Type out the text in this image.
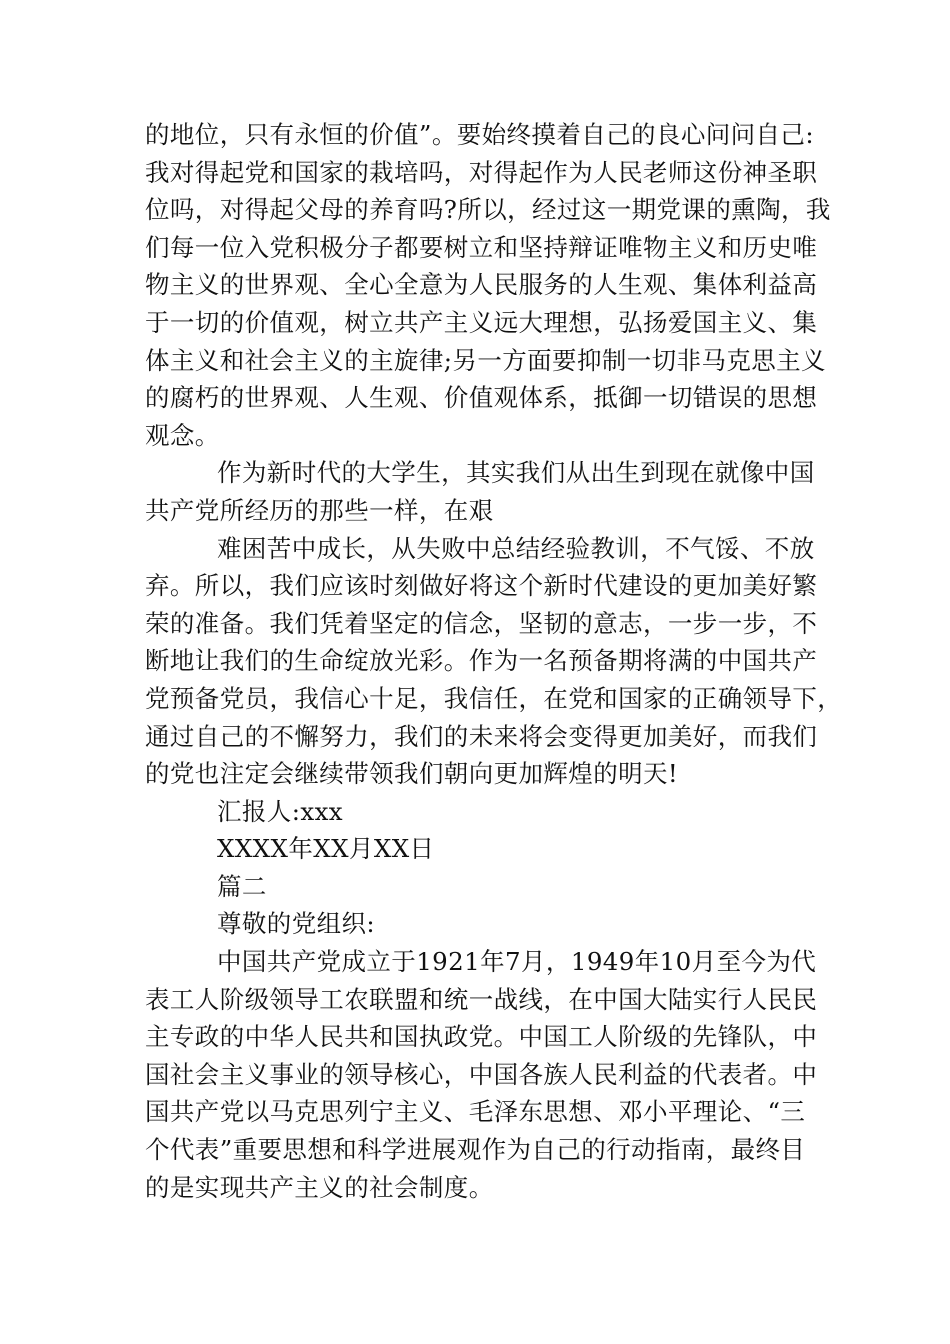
的地位，只有永恒的价值”。要始终摸着自己的良心问问自己:
我对得起党和国家的栽培吗，对得起作为人民老师这份神圣职
位吗，对得起父母的养育吗?所以，经过这一期党课的熏陶，我
们每一位入党积极分子都要树立和坚持辩证唯物主义和历史唯
物主义的世界观、全心全意为人民服务的人生观、集体利益高
于一切的价值观，树立共产主义远大理想，弘扬爱国主义、集
体主义和社会主义的主旋律;另一方面要抑制一切非马克思主义
的腐朽的世界观、人生观、价值观体系，抵御一切错误的思想
观念。

作为新时代的大学生，其实我们从出生到现在就像中国
共产党所经历的那些一样，在艰

难困苦中成长，从失败中总结经验教训，不气馁、不放
弃。所以，我们应该时刻做好将这个新时代建设的更加美好繁
荣的准备。我们凭着坚定的信念，坚韧的意志，一步一步，不
断地让我们的生命绽放光彩。作为一名预备期将满的中国共产
党预备党员，我信心十足，我信任，在党和国家的正确领导下，
通过自己的不懈努力，我们的未来将会变得更加美好，而我们
的党也注定会继续带领我们朝向更加辉煌的明天!

汇报人:xxx

XXXX年XX月XX日

篇二

尊敬的党组织:

中国共产党成立于1921年7月，1949年10月至今为代
表工人阶级领导工农联盟和统一战线，在中国大陆实行人民民
主专政的中华人民共和国执政党。中国工人阶级的先锋队，中
国社会主义事业的领导核心，中国各族人民利益的代表者。中
国共产党以马克思列宁主义、毛泽东思想、邓小平理论、“三
个代表”重要思想和科学进展观作为自己的行动指南，最终目
的是实现共产主义的社会制度。
